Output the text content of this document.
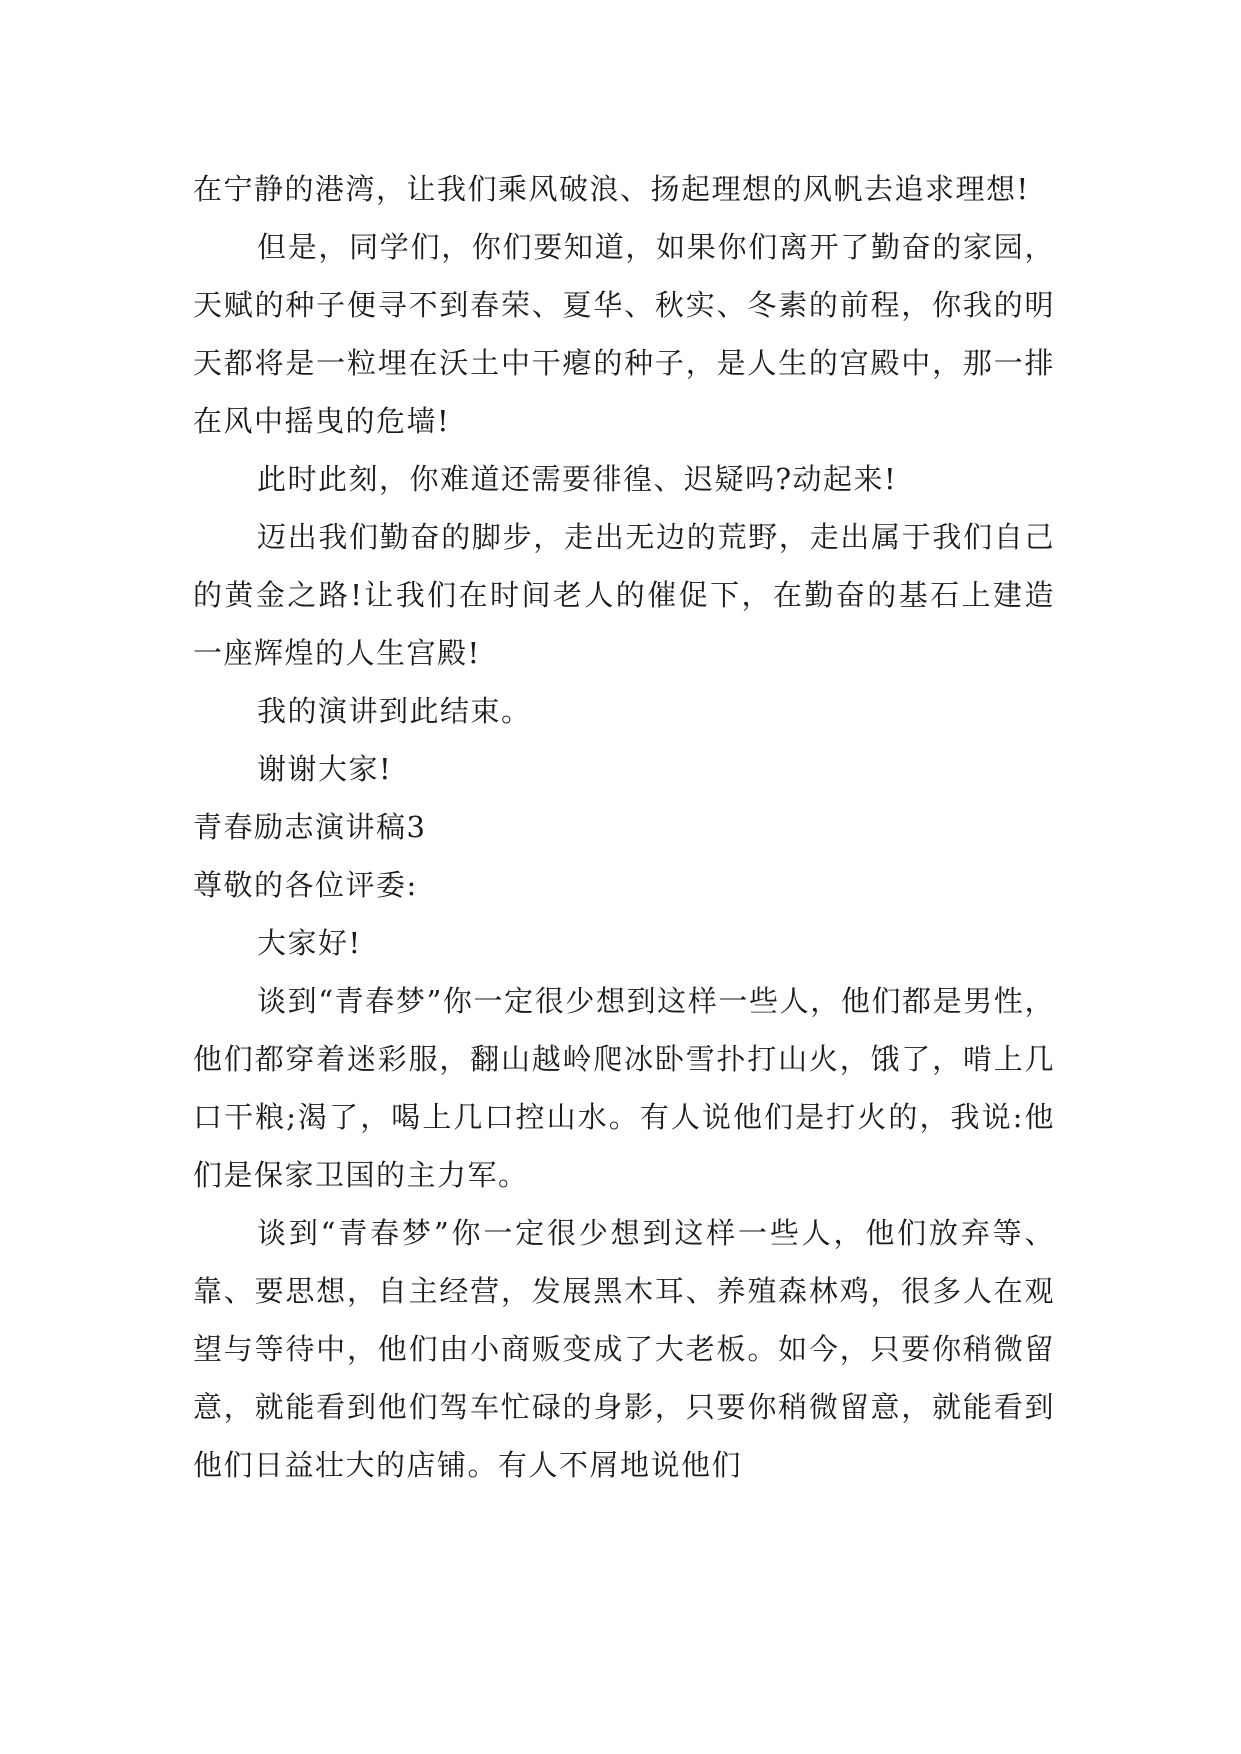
在宁静的港湾，让我们乘风破浪、扬起理想的风帆去追求理想!

但是，同学们，你们要知道，如果你们离开了勤奋的家园，天赋的种子便寻不到春荣、夏华、秋实、冬素的前程，你我的明天都将是一粒埋在沃土中干瘪的种子，是人生的宫殿中，那一排在风中摇曳的危墙!

此时此刻，你难道还需要徘徨、迟疑吗?动起来!

迈出我们勤奋的脚步，走出无边的荒野，走出属于我们自己的黄金之路!让我们在时间老人的催促下，在勤奋的基石上建造一座辉煌的人生宫殿!

我的演讲到此结束。

谢谢大家!

青春励志演讲稿3

尊敬的各位评委:

大家好!

谈到“青春梦”你一定很少想到这样一些人，他们都是男性，他们都穿着迷彩服，翻山越岭爬冰卧雪扑打山火，饿了，啃上几口干粮;渴了，喝上几口控山水。有人说他们是打火的，我说:他们是保家卫国的主力军。

谈到“青春梦”你一定很少想到这样一些人，他们放弃等、靠、要思想，自主经营，发展黑木耳、养殖森林鸡，很多人在观望与等待中，他们由小商贩变成了大老板。如今，只要你稍微留意，就能看到他们驾车忙碌的身影，只要你稍微留意，就能看到他们日益壮大的店铺。有人不屑地说他们
